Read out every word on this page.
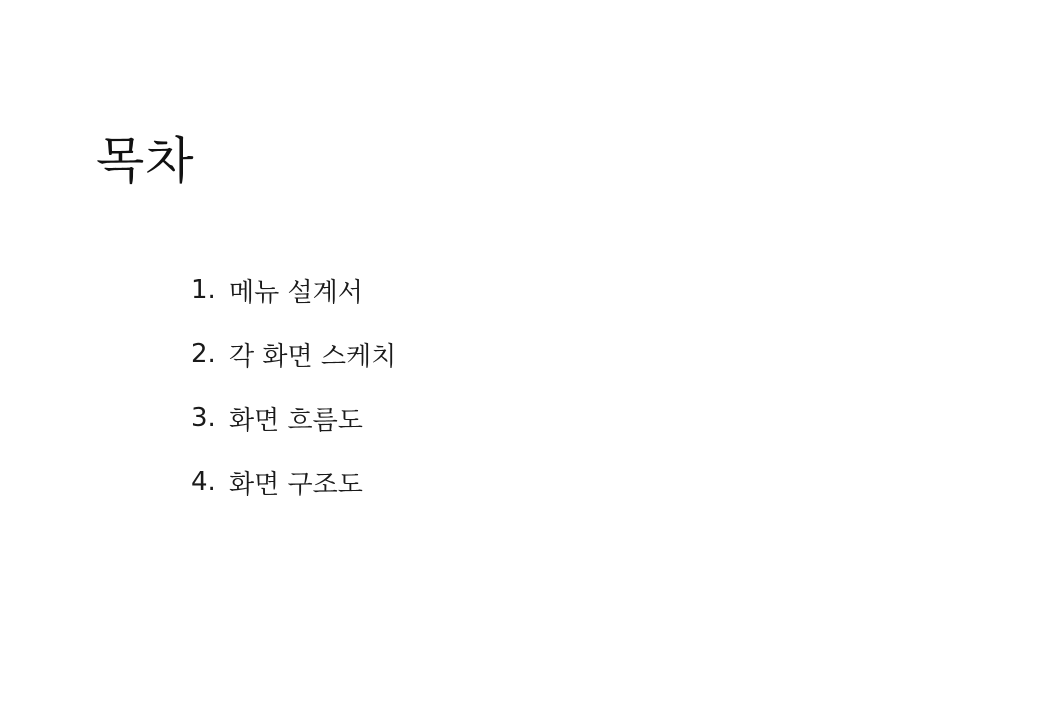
목차
1. 메뉴 설계서
2. 각 화면 스케치
3. 화면 흐름도
4. 화면 구조도
